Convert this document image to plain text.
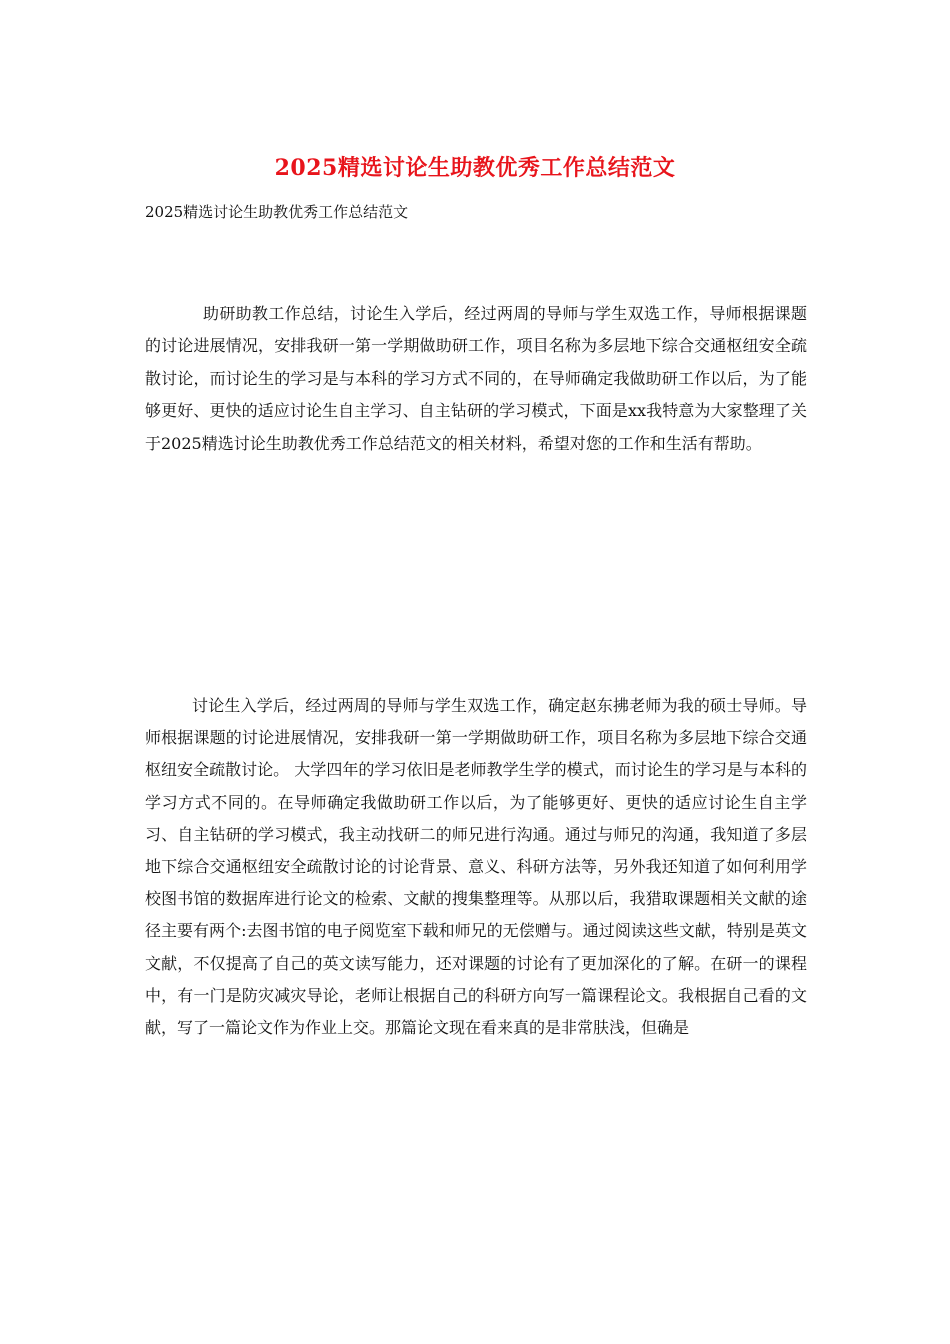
2025精选讨论生助教优秀工作总结范文
2025精选讨论生助教优秀工作总结范文

助研助教工作总结，讨论生入学后，经过两周的导师与学生双选工作，导师根据课题的讨论进展情况，安排我研一第一学期做助研工作，项目名称为多层地下综合交通枢纽安全疏散讨论，而讨论生的学习是与本科的学习方式不同的，在导师确定我做助研工作以后，为了能够更好、更快的适应讨论生自主学习、自主钻研的学习模式，下面是xx我特意为大家整理了关于2025精选讨论生助教优秀工作总结范文的相关材料，希望对您的工作和生活有帮助。

讨论生入学后，经过两周的导师与学生双选工作，确定赵东拂老师为我的硕士导师。导师根据课题的讨论进展情况，安排我研一第一学期做助研工作，项目名称为多层地下综合交通枢纽安全疏散讨论。 大学四年的学习依旧是老师教学生学的模式，而讨论生的学习是与本科的学习方式不同的。在导师确定我做助研工作以后，为了能够更好、更快的适应讨论生自主学习、自主钻研的学习模式，我主动找研二的师兄进行沟通。通过与师兄的沟通，我知道了多层地下综合交通枢纽安全疏散讨论的讨论背景、意义、科研方法等，另外我还知道了如何利用学校图书馆的数据库进行论文的检索、文献的搜集整理等。从那以后，我猎取课题相关文献的途径主要有两个:去图书馆的电子阅览室下载和师兄的无偿赠与。通过阅读这些文献，特别是英文文献，不仅提高了自己的英文读写能力，还对课题的讨论有了更加深化的了解。在研一的课程中，有一门是防灾减灾导论，老师让根据自己的科研方向写一篇课程论文。我根据自己看的文献，写了一篇论文作为作业上交。那篇论文现在看来真的是非常肤浅，但确是
